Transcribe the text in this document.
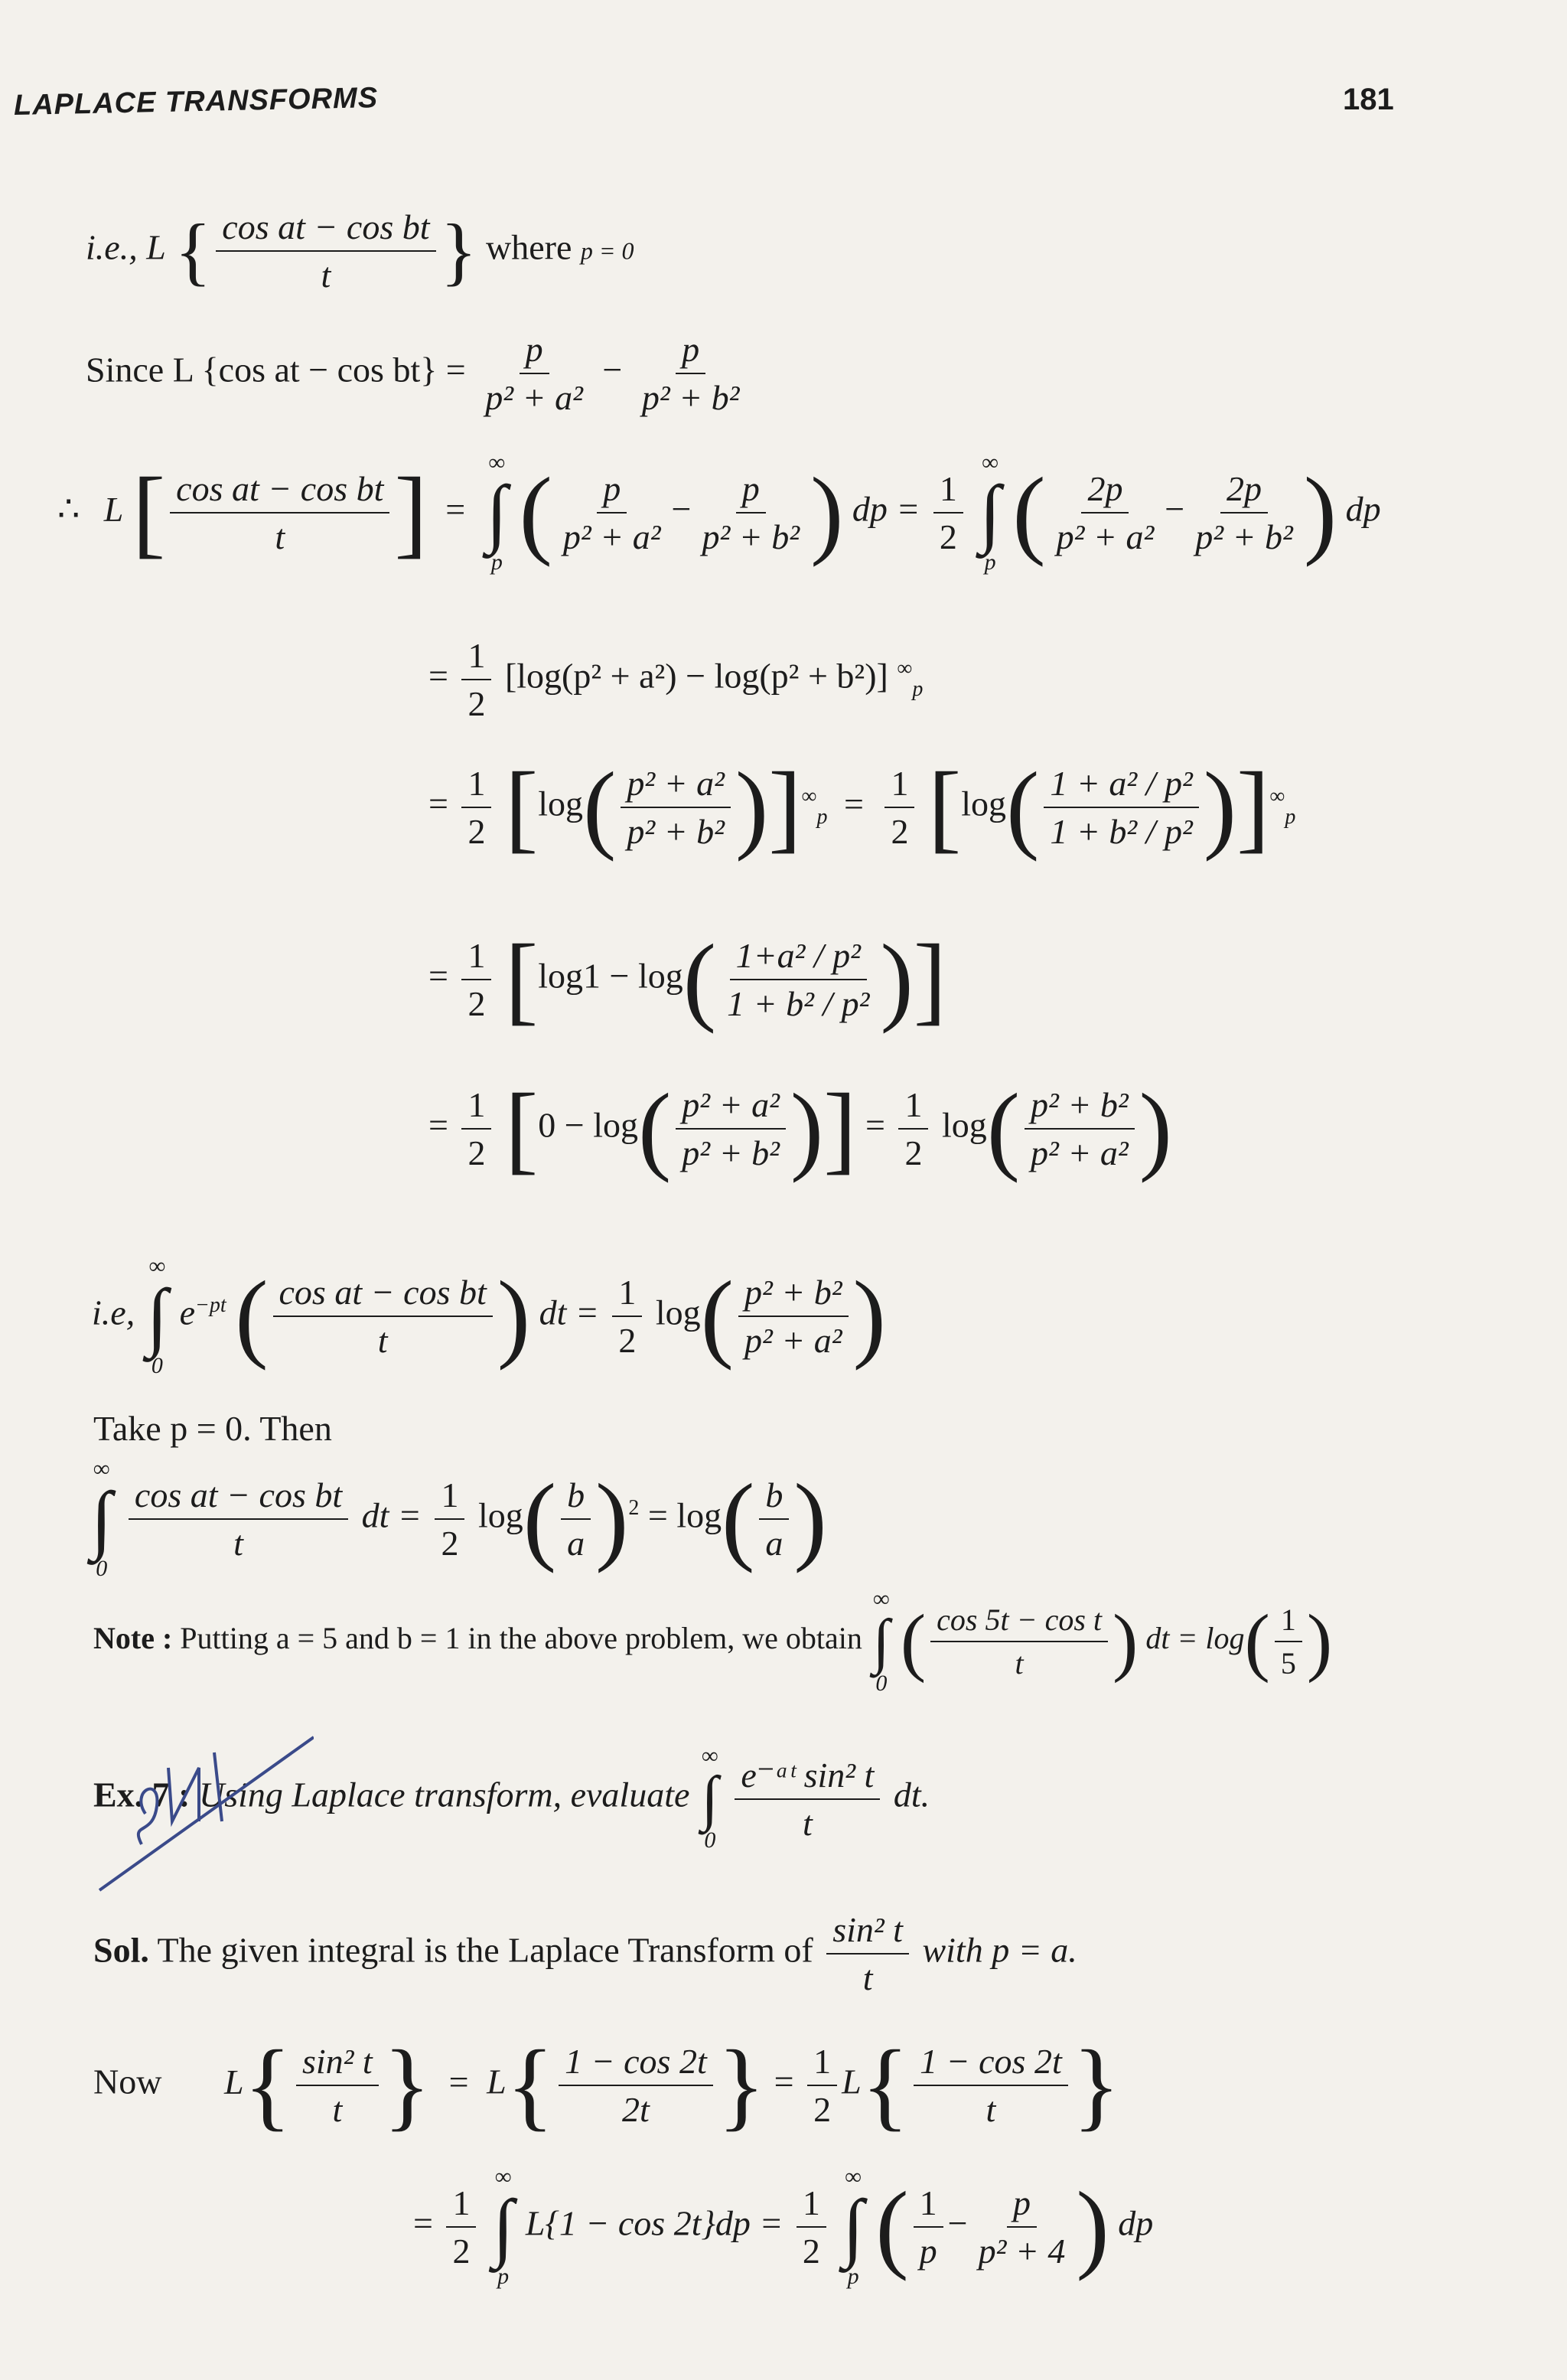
LAPLACE TRANSFORMS	181
i.e., L { $\frac{\text{cos at − cos bt}}{t}$ } where p = 0
Since L {cos at − $\cos bt\} = \frac{p}{\text{p² + a²}} - \frac{p}{\text{p² + b²}}$
∴ L [ $\frac{\text{cos at − cos bt}}{t}$ ] =
∞
∫
p ( $\frac{p}{\text{p² + a²}} - \frac{p}{\text{p² + b²}}$ ) dp = $\frac{1}{2}$

∞
∫
p ( $\frac{2p}{\text{p² + a²}} - \frac{2p}{\text{p² + b²}}$ ) dp
= $\frac{1}{2} [\log(p^2 + a^2) - \log(p^2 + b^2)]$ ∞$_p$
= $\frac{1}{2} [\log( \frac{\text{p² + a²}}{\text{p² + b²}} )]^\infty_p = \frac{1}{2} [\log( \frac{\text{1 + a² / p²}}{\text{1 + b² / p²}} )]^\infty_p$
= $\frac{1}{2} [\log 1 - \log( \frac{\text{1+a² / p²}}{\text{1 + b² / p²}}$ )]
= $\frac{1}{2} [0 - \log( \frac{\text{p² + a²}}{\text{p² + b²}}$ )] = $\frac{1}{2} \log( \frac{\text{p² + b²}}{\text{p² + a²}}$ )
i.e,
∞
∫
0
$e^{-pt}$ ( $\frac{\text{cos at − cos bt}}{t}$ ) dt = $\frac{1}{2} \log( \frac{\text{p² + b²}}{\text{p² + a²}}$ )
Take p = 0. Then
∞
∫
0

$\frac{\text{cos at − cos bt}}{t}$ dt = $\frac{1}{2} \log( \frac{b}{a} )^2 = \log( \frac{b}{a}$ )
Note : Putting a = 5 and b = 1 in the above problem, we obtain
∞
∫
0 ( $\frac{\text{cos 5t − cos t}}{t}$ ) dt = $\log( \frac{1}{5}$ )
Ex. 7 : Using Laplace transform, evaluate
∞
∫
0
$\frac{\text{e⁻ᵃᵗ sin² t}}{t}$ dt.
Sol. The given integral is the Laplace Transform of $\frac{\text{sin² t}}{t}$ with p = a.
Now $L\{ \frac{\text{sin² t}}{t}$ } = $L\{ \frac{1 - \cos 2t}{2t}$ } = $\frac{1}{2} L\{ \frac{1 - \cos 2t}{t}$ }
= $\frac{1}{2}$

∞
∫
p
$L\{1 - \cos 2t\}dp = \frac{1}{2}$

∞
∫
p ( $\frac{1}{p} - \frac{p}{\text{p² + 4}}$ ) dp
